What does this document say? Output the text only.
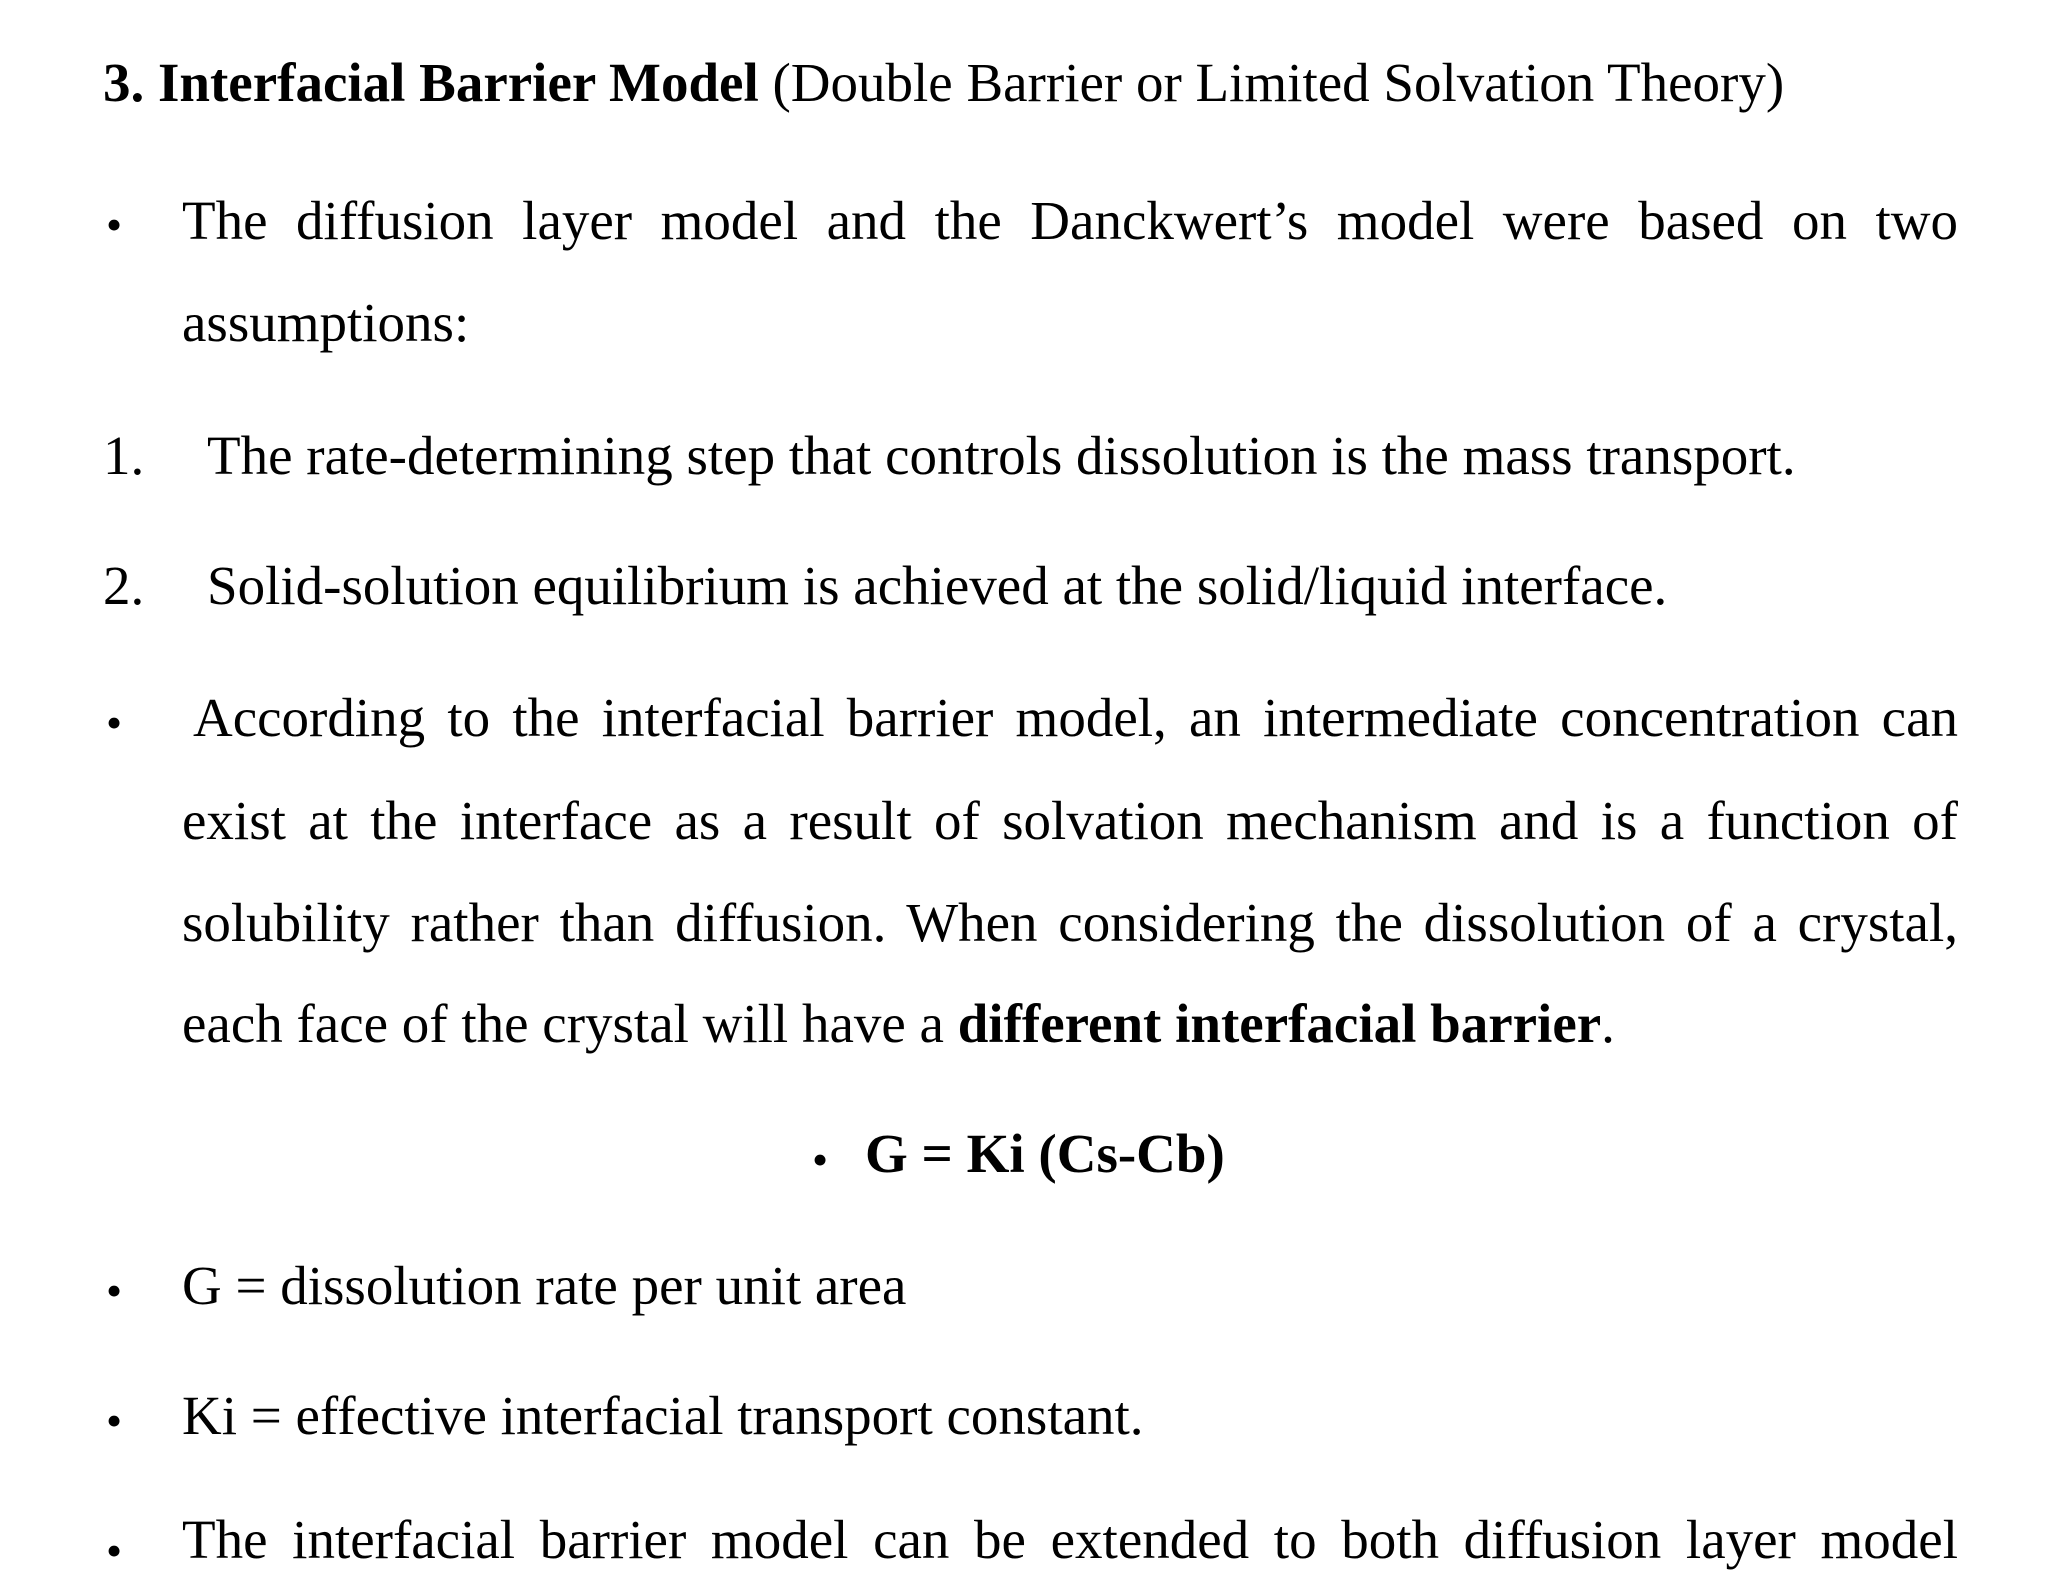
3. Interfacial Barrier Model (Double Barrier or Limited Solvation Theory)
• The diffusion layer model and the Danckwert’s model were based on two
assumptions:
1. The rate-determining step that controls dissolution is the mass transport.
2. Solid-solution equilibrium is achieved at the solid/liquid interface.
• According to the interfacial barrier model, an intermediate concentration can
exist at the interface as a result of solvation mechanism and is a function of
solubility rather than diffusion. When considering the dissolution of a crystal,
each face of the crystal will have a different interfacial barrier.
• G = Ki (Cs-Cb)
• G = dissolution rate per unit area
• Ki = effective interfacial transport constant.
• The interfacial barrier model can be extended to both diffusion layer model
